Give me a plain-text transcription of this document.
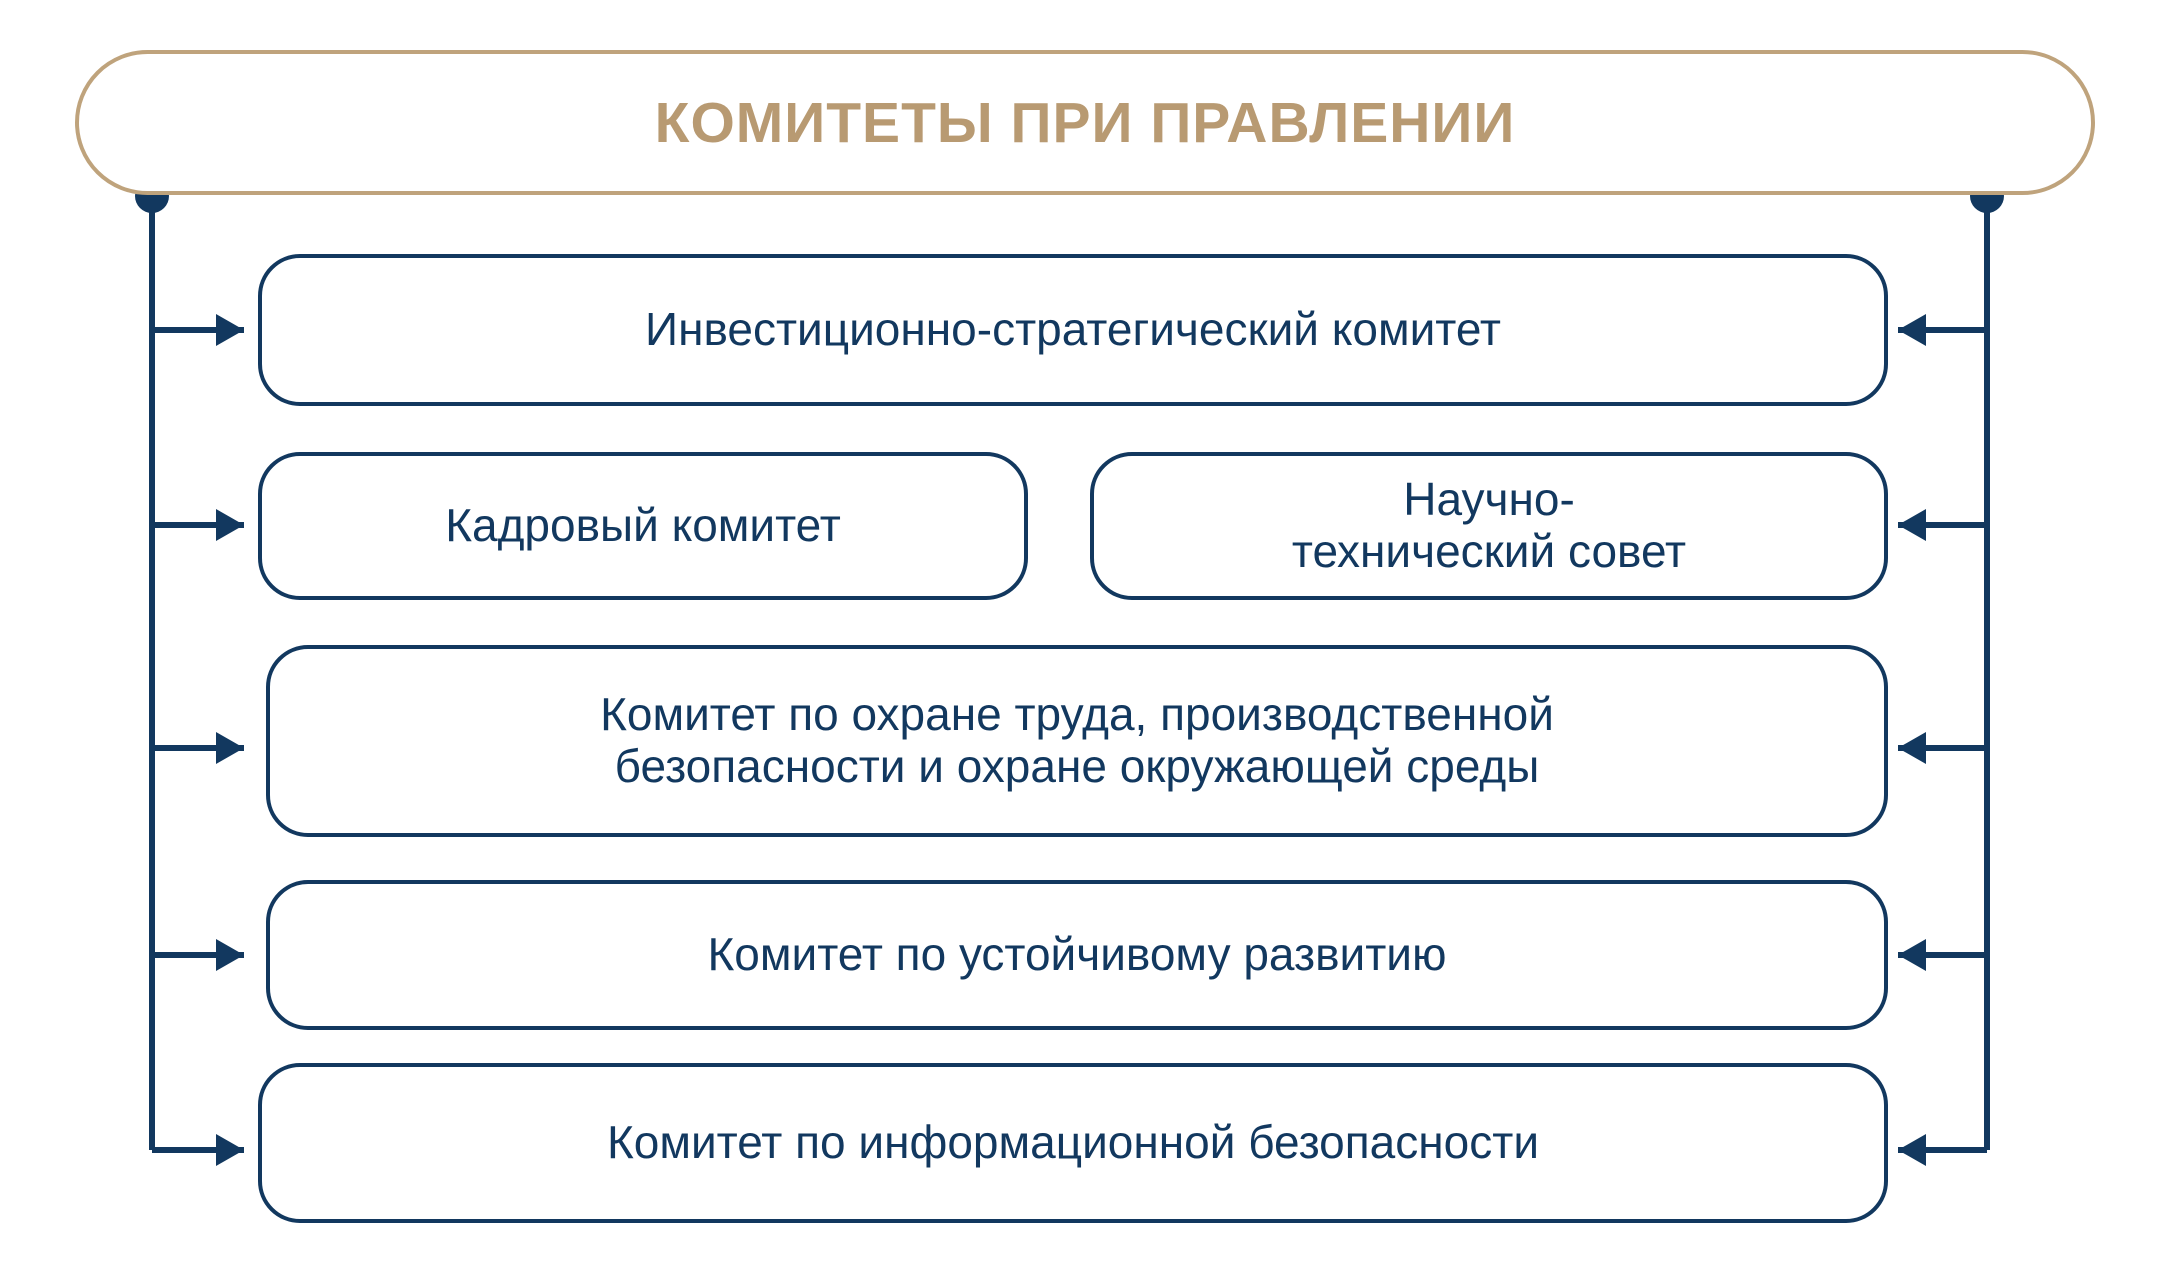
КОМИТЕТЫ ПРИ ПРАВЛЕНИИ
Инвестиционно-стратегический комитет
Кадровый комитет	Научно-
технический совет
Комитет по охране труда, производственной
безопасности и охране окружающей среды
Комитет по устойчивому развитию
Комитет по информационной безопасности
